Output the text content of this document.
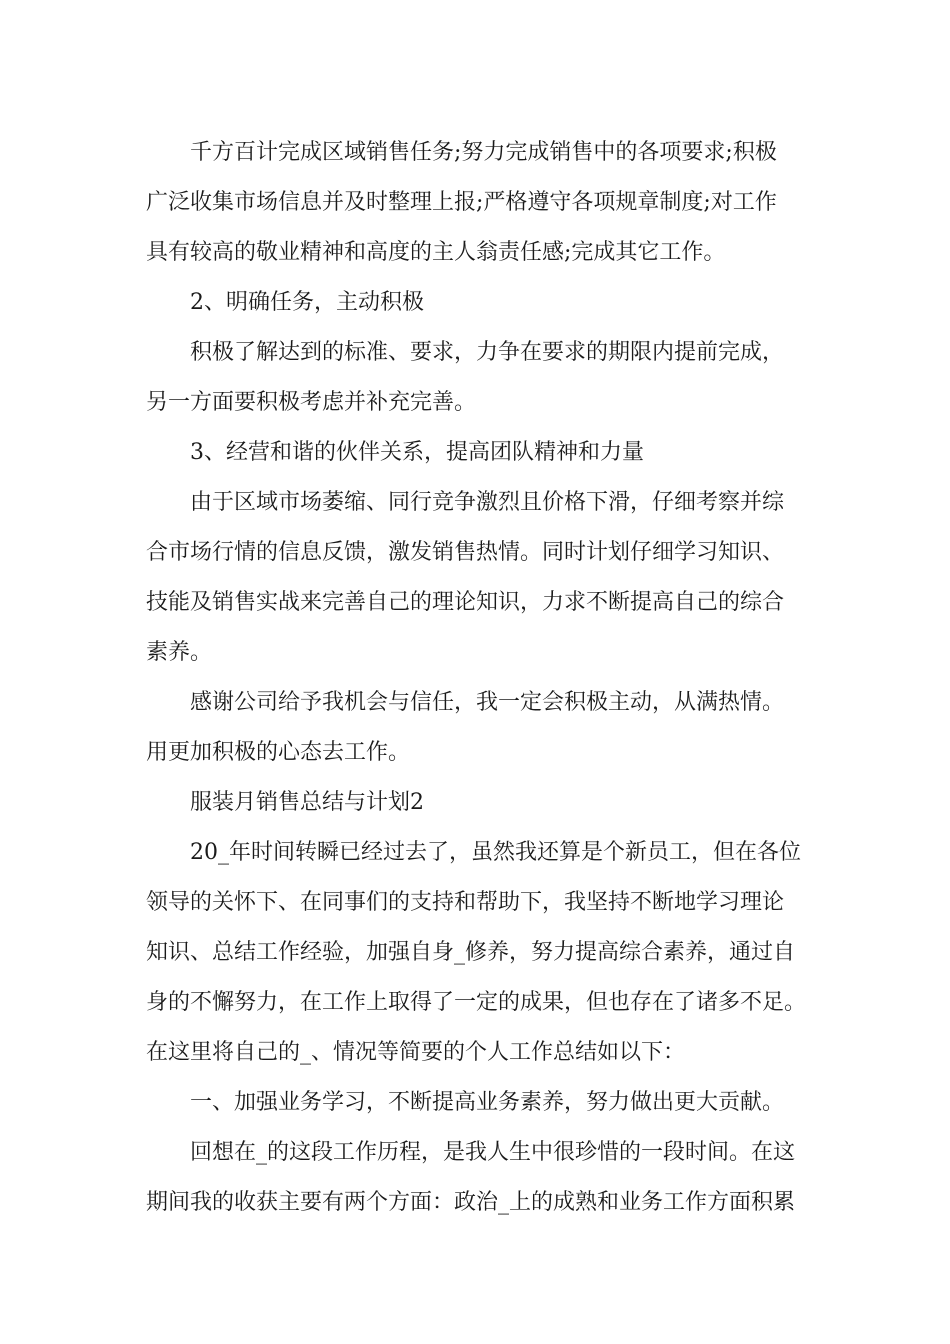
千方百计完成区域销售任务;努力完成销售中的各项要求;积极
广泛收集市场信息并及时整理上报;严格遵守各项规章制度;对工作
具有较高的敬业精神和高度的主人翁责任感;完成其它工作。

2、明确任务，主动积极

积极了解达到的标准、要求，力争在要求的期限内提前完成，
另一方面要积极考虑并补充完善。

3、经营和谐的伙伴关系，提高团队精神和力量

由于区域市场萎缩、同行竞争激烈且价格下滑，仔细考察并综
合市场行情的信息反馈，激发销售热情。同时计划仔细学习知识、
技能及销售实战来完善自己的理论知识，力求不断提高自己的综合
素养。

感谢公司给予我机会与信任，我一定会积极主动，从满热情。
用更加积极的心态去工作。

服装月销售总结与计划2

20_年时间转瞬已经过去了，虽然我还算是个新员工，但在各位
领导的关怀下、在同事们的支持和帮助下，我坚持不断地学习理论
知识、总结工作经验，加强自身_修养，努力提高综合素养，通过自
身的不懈努力，在工作上取得了一定的成果，但也存在了诸多不足。
在这里将自己的_、情况等简要的个人工作总结如以下：

一、加强业务学习，不断提高业务素养，努力做出更大贡献。

回想在_的这段工作历程，是我人生中很珍惜的一段时间。在这
期间我的收获主要有两个方面：政治_上的成熟和业务工作方面积累
